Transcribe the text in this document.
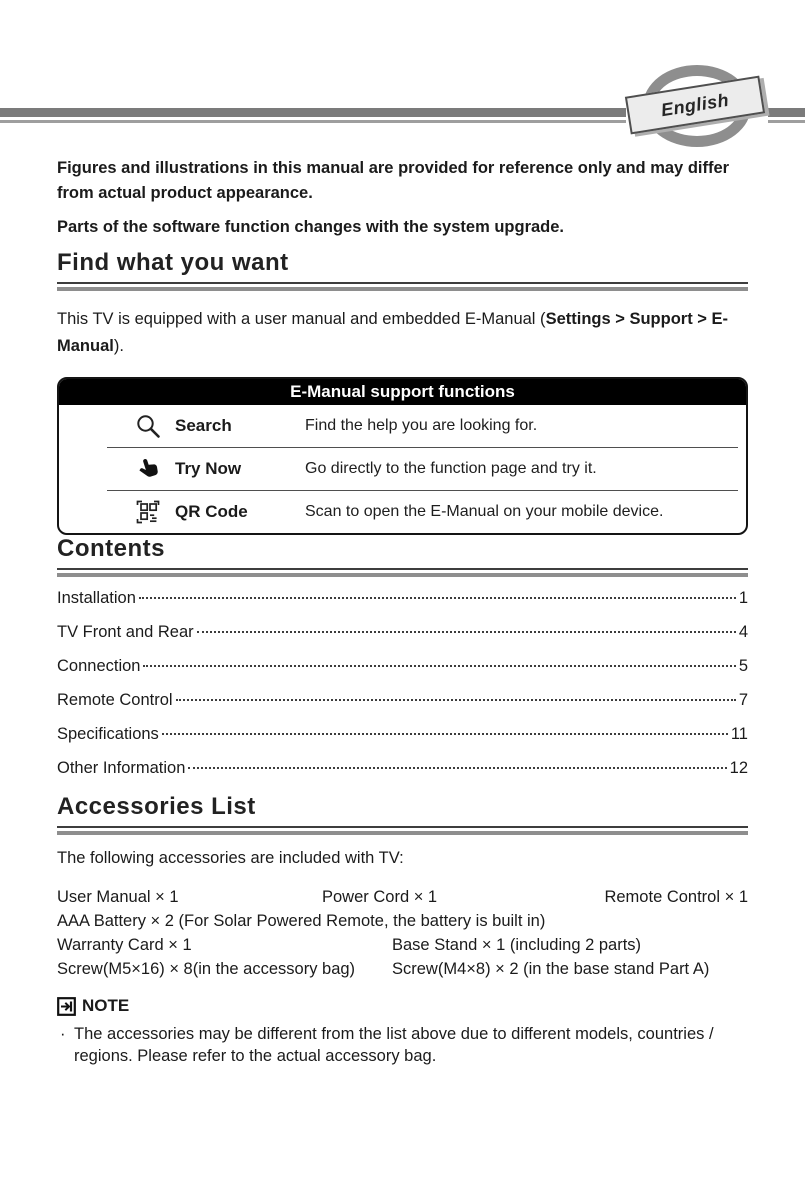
English

Figures and illustrations in this manual are provided for reference only and may differ from actual product appearance.

Parts of the software function changes with the system upgrade.

Find what you want

This TV is equipped with a user manual and embedded E-Manual (Settings > Support > E-Manual).

E-Manual support functions
Search	Find the help you are looking for.
Try Now	Go directly to the function page and try it.
QR Code	Scan to open the E-Manual on your mobile device.
Contents
Installation	1
TV Front and Rear	4
Connection	5
Remote Control	7
Specifications	11
Other Information	12
Accessories List

The following accessories are included with TV:

User Manual × 1	Power Cord × 1	Remote Control × 1
AAA Battery × 2 (For Solar Powered Remote, the battery is built in)
Warranty Card × 1	Base Stand × 1 (including 2 parts)
Screw(M5×16) × 8(in the accessory bag)	Screw(M4×8) × 2 (in the base stand Part A)
NOTE
· The accessories may be different from the list above due to different models, countries / regions. Please refer to the actual accessory bag.
